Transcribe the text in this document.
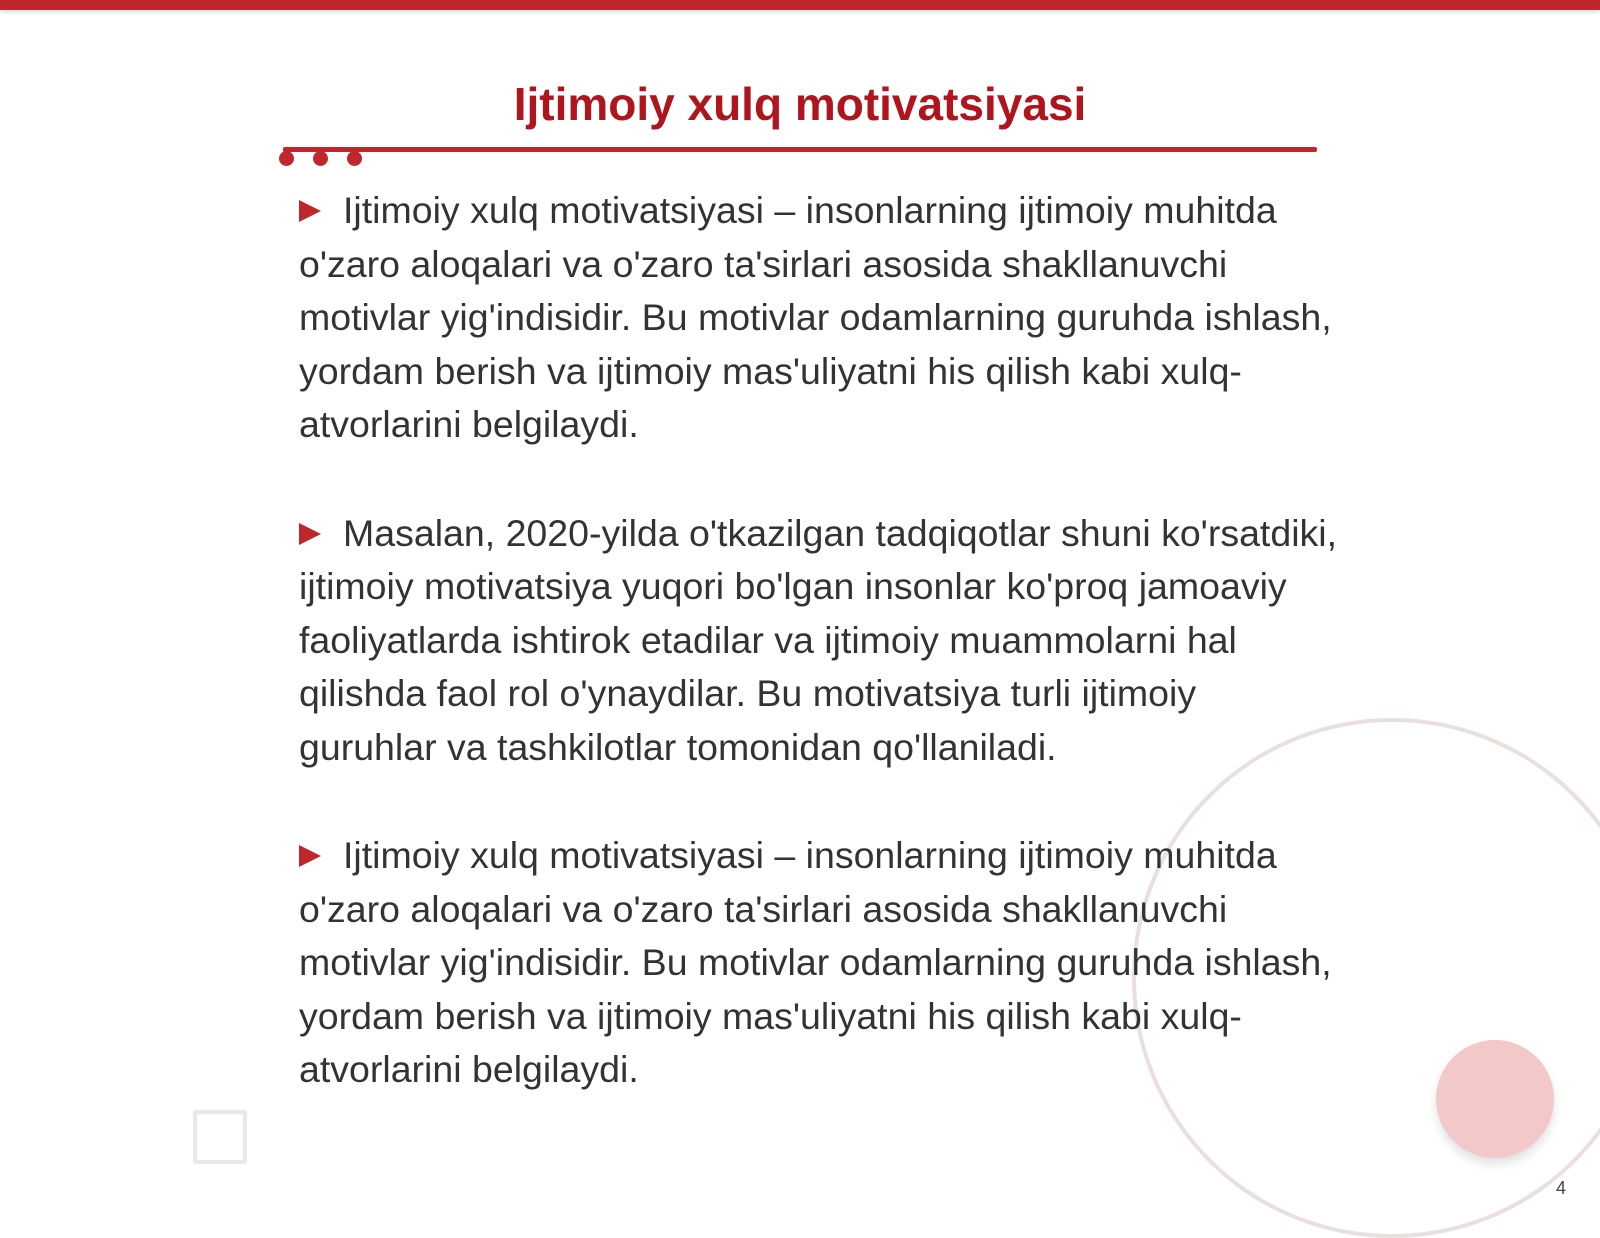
Ijtimoiy xulq motivatsiyasi

Ijtimoiy xulq motivatsiyasi – insonlarning ijtimoiy muhitda o'zaro aloqalari va o'zaro ta'sirlari asosida shakllanuvchi motivlar yig'indisidir. Bu motivlar odamlarning guruhda ishlash, yordam berish va ijtimoiy mas'uliyatni his qilish kabi xulq-atvorlarini belgilaydi.

Masalan, 2020-yilda o'tkazilgan tadqiqotlar shuni ko'rsatdiki, ijtimoiy motivatsiya yuqori bo'lgan insonlar ko'proq jamoaviy faoliyatlarda ishtirok etadilar va ijtimoiy muammolarni hal qilishda faol rol o'ynaydilar. Bu motivatsiya turli ijtimoiy guruhlar va tashkilotlar tomonidan qo'llaniladi.

Ijtimoiy xulq motivatsiyasi – insonlarning ijtimoiy muhitda o'zaro aloqalari va o'zaro ta'sirlari asosida shakllanuvchi motivlar yig'indisidir. Bu motivlar odamlarning guruhda ishlash, yordam berish va ijtimoiy mas'uliyatni his qilish kabi xulq-atvorlarini belgilaydi.

4
